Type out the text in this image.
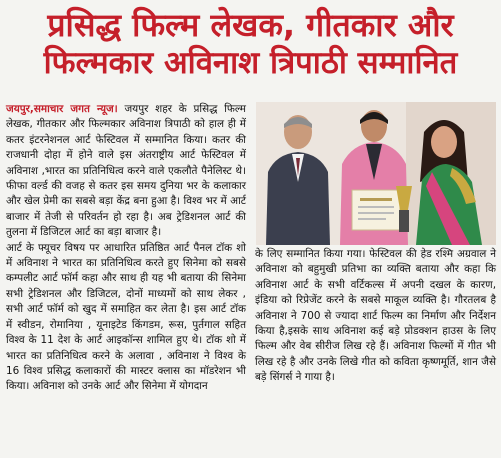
प्रसिद्ध फिल्म लेखक, गीतकार और
फिल्मकार अविनाश त्रिपाठी सम्मानित

जयपुर,समाचार जगत न्यूज। जयपुर शहर के प्रसिद्ध फिल्म लेखक, गीतकार और फिल्मकार अविनाश त्रिपाठी को हाल ही में कतर इंटरनेशनल आर्ट फेस्टिवल में सम्मानित किया। कतर की राजधानी दोहा में होने वाले इस अंतराष्ट्रीय आर्ट फेस्टिवल में अविनाश ,भारत का प्रतिनिधित्व करने वाले एकलौते पैनेलिस्ट थे। फीफा वर्ल्ड की वजह से कतर इस समय दुनिया भर के कलाकार और खेल प्रेमी का सबसे बड़ा केंद्र बना हुआ है। विश्व भर में आर्ट बाजार में तेजी से परिवर्तन हो रहा है। अब ट्रेडिशनल आर्ट की तुलना में डिजिटल आर्ट का बड़ा बाजार है।

आर्ट के फ्यूचर विषय पर आधारित प्रतिष्ठित आर्ट पैनल टॉक शो में अविनाश ने भारत का प्रतिनिधित्व करते हुए सिनेमा को सबसे कम्पलीट आर्ट फॉर्म कहा और साथ ही यह भी बताया की सिनेमा सभी ट्रेडिशनल और डिजिटल, दोनों माध्यमों को साथ लेकर , सभी आर्ट फॉर्म को खुद में समाहित कर लेता है। इस आर्ट टॉक में स्वीडन, रोमानिया , यूनाइटेड किंगडम, रूस, पुर्तगाल सहित विश्व के 11 देश के आर्ट आइकॉन्स शामिल हुए थे। टॉक शो में भारत का प्रतिनिधित्व करने के अलावा , अविनाश ने विश्व के 16 विश्व प्रसिद्ध कलाकारों की मास्टर क्लास का मॉडरेशन भी किया। अविनाश को उनके आर्ट और सिनेमा में योगदान

के लिए सम्मानित किया गया। फेस्टिवल की हेड रश्मि अग्रवाल ने अविनाश को बहुमुखी प्रतिभा का व्यक्ति बताया और कहा कि अविनाश आर्ट के सभी वर्टिकल्स में अपनी दखल के कारण, इंडिया को रिप्रेजेंट करने के सबसे माकूल व्यक्ति है। गौरतलब है अविनाश ने 700 से ज्यादा शार्ट फिल्म का निर्माण और निर्देशन किया है,इसके साथ अविनाश कई बड़े प्रोडक्शन हाउस के लिए फिल्म और वेब सीरीज लिख रहे हैं। अविनाश फिल्मों में गीत भी लिख रहे है और उनके लिखे गीत को कविता कृष्णमूर्ति, शान जैसे बड़े सिंगर्स ने गाया है।
